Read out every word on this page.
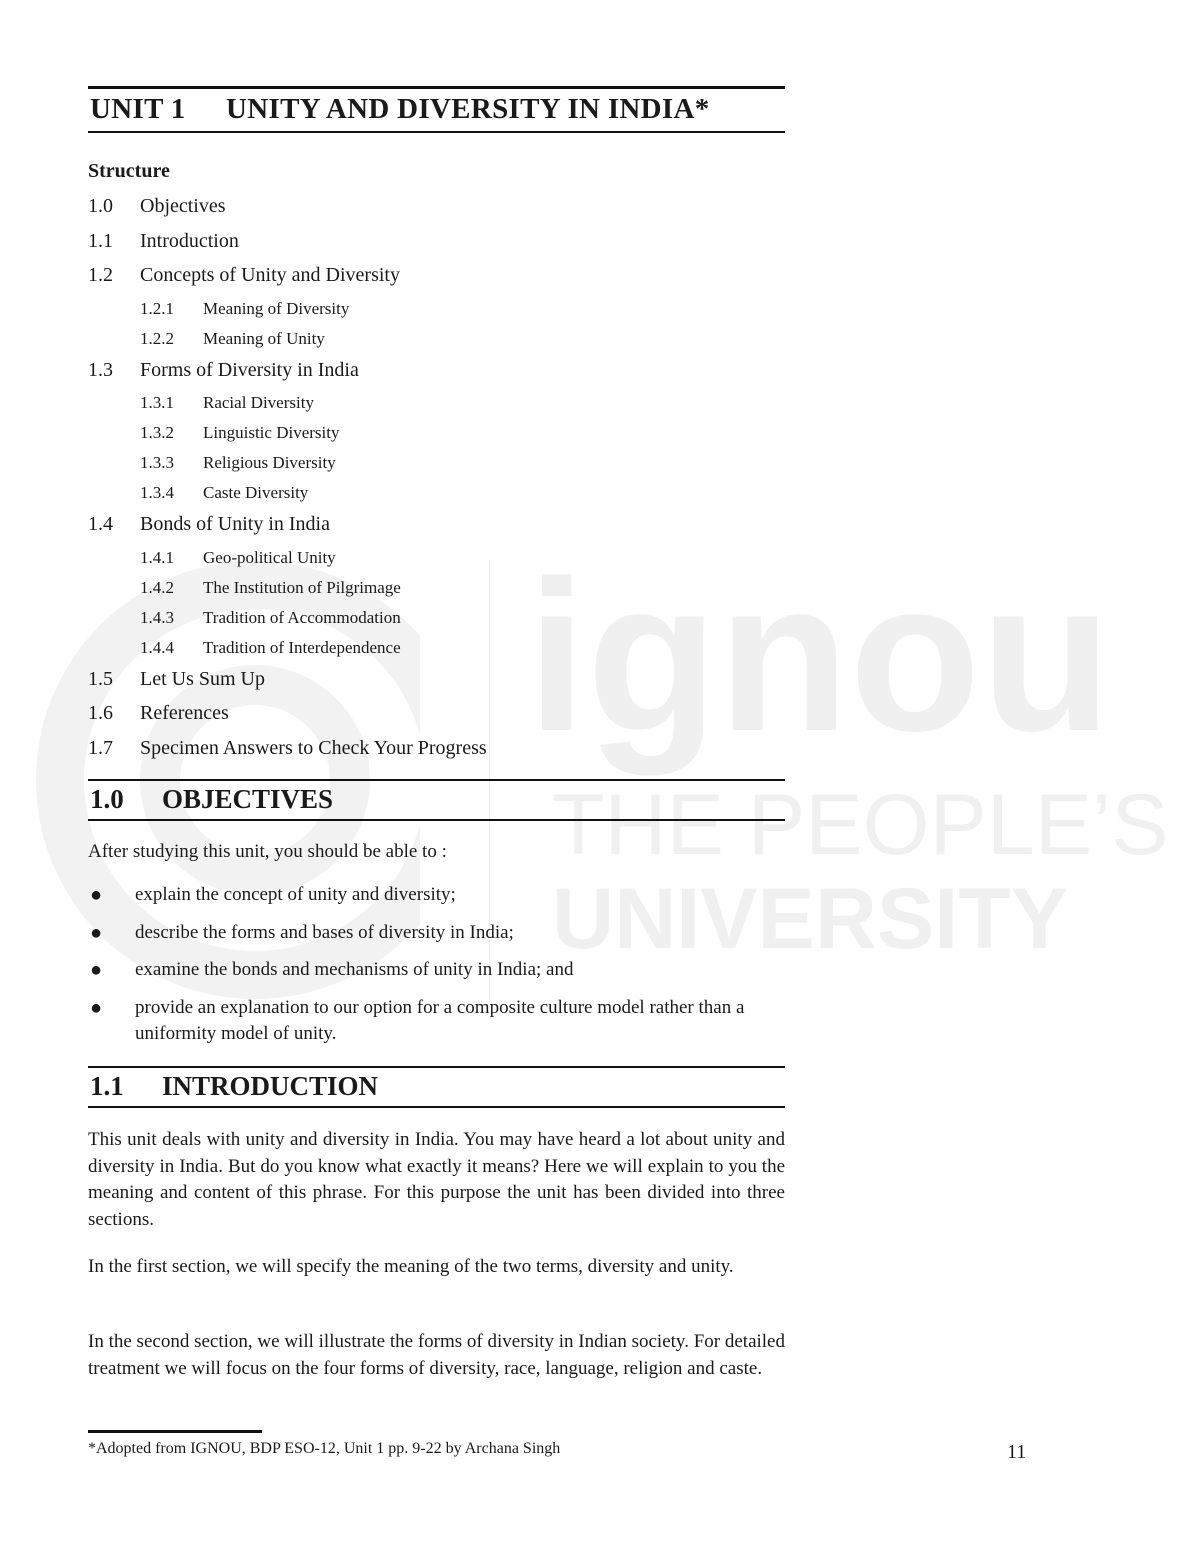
ignou
THE PEOPLE’S
UNIVERSITY
UNIT 1 UNITY AND DIVERSITY IN INDIA*
Structure
1.0 Objectives
1.1 Introduction
1.2 Concepts of Unity and Diversity
1.2.1 Meaning of Diversity
1.2.2 Meaning of Unity
1.3 Forms of Diversity in India
1.3.1 Racial Diversity
1.3.2 Linguistic Diversity
1.3.3 Religious Diversity
1.3.4 Caste Diversity
1.4 Bonds of Unity in India
1.4.1 Geo-political Unity
1.4.2 The Institution of Pilgrimage
1.4.3 Tradition of Accommodation
1.4.4 Tradition of Interdependence
1.5 Let Us Sum Up
1.6 References
1.7 Specimen Answers to Check Your Progress
1.0 OBJECTIVES
After studying this unit, you should be able to :
● explain the concept of unity and diversity;
● describe the forms and bases of diversity in India;
● examine the bonds and mechanisms of unity in India; and
● provide an explanation to our option for a composite culture model rather than a uniformity model of unity.
1.1 INTRODUCTION
This unit deals with unity and diversity in India. You may have heard a lot about unity and diversity in India. But do you know what exactly it means? Here we will explain to you the meaning and content of this phrase. For this purpose the unit has been divided into three sections.
In the first section, we will specify the meaning of the two terms, diversity and unity.
In the second section, we will illustrate the forms of diversity in Indian society. For detailed treatment we will focus on the four forms of diversity, race, language, religion and caste.
*Adopted from IGNOU, BDP ESO-12, Unit 1 pp. 9-22 by Archana Singh	11
